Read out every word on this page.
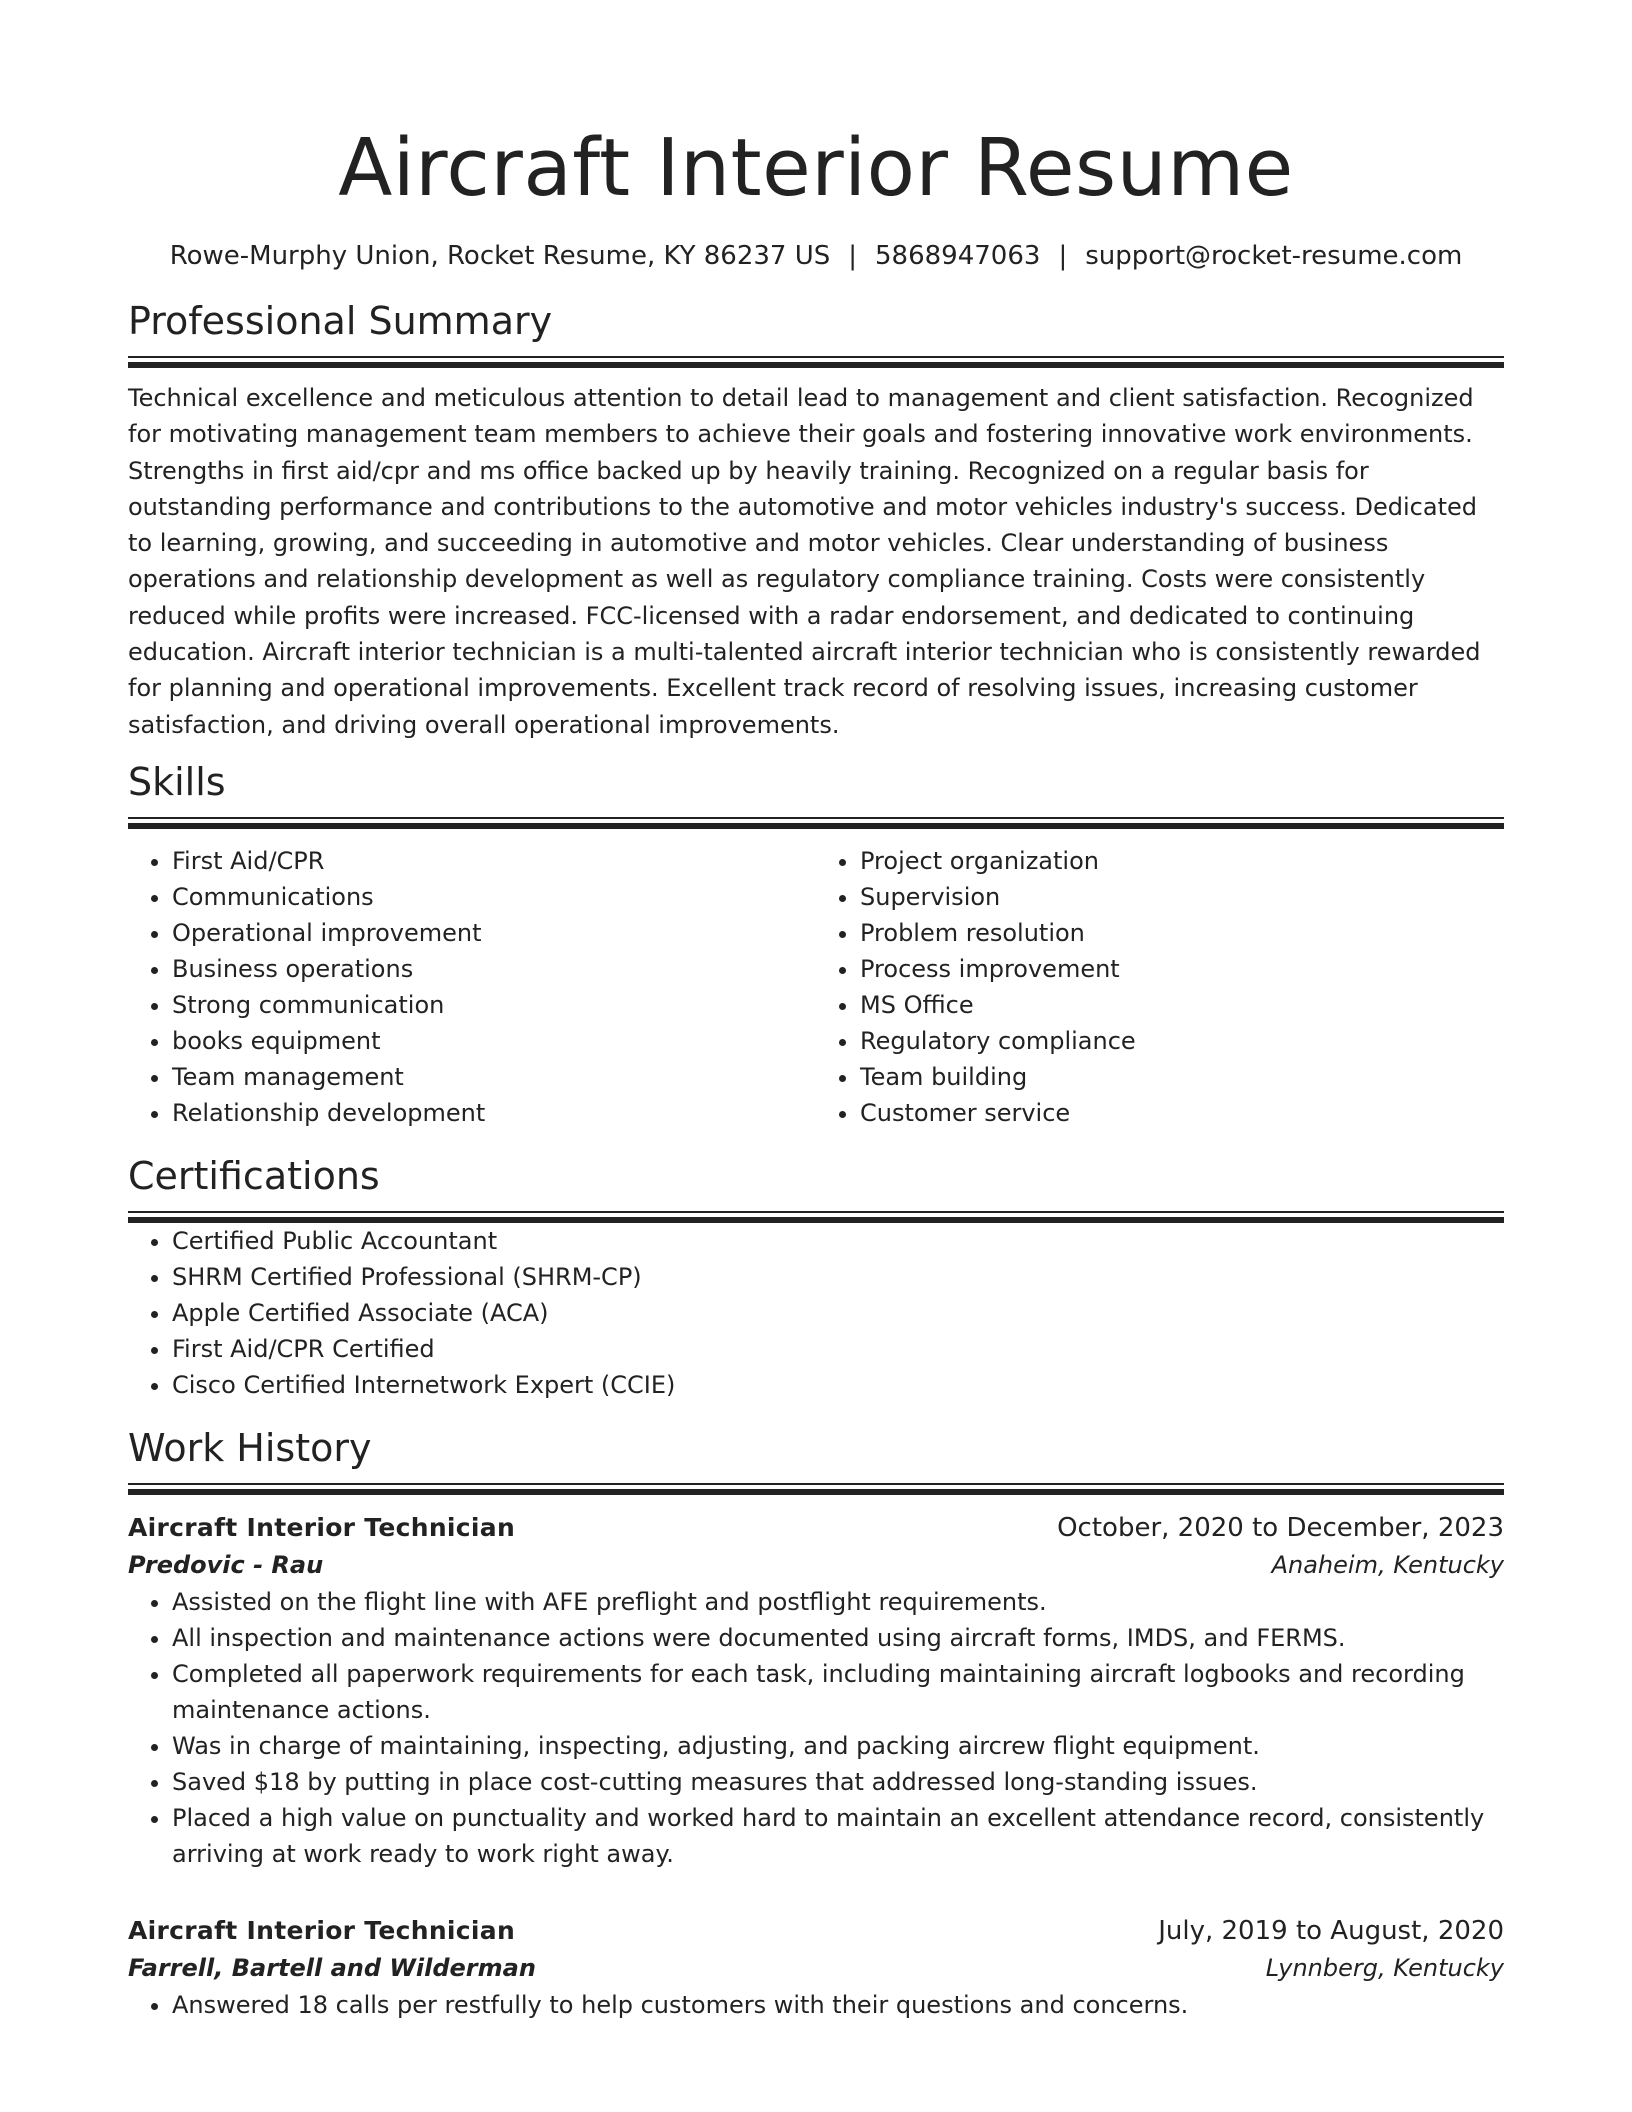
Aircraft Interior Resume
Rowe-Murphy Union, Rocket Resume, KY 86237 US | 5868947063 | support@rocket-resume.com
Professional Summary

Technical excellence and meticulous attention to detail lead to management and client satisfaction. Recognized for motivating management team members to achieve their goals and fostering innovative work environments. Strengths in first aid/cpr and ms office backed up by heavily training. Recognized on a regular basis for outstanding performance and contributions to the automotive and motor vehicles industry's success. Dedicated to learning, growing, and succeeding in automotive and motor vehicles. Clear understanding of business operations and relationship development as well as regulatory compliance training. Costs were consistently reduced while profits were increased. FCC-licensed with a radar endorsement, and dedicated to continuing education. Aircraft interior technician is a multi-talented aircraft interior technician who is consistently rewarded for planning and operational improvements. Excellent track record of resolving issues, increasing customer satisfaction, and driving overall operational improvements.

Skills
• First Aid/CPR
• Communications
• Operational improvement
• Business operations
• Strong communication
• books equipment
• Team management
• Relationship development
• Project organization
• Supervision
• Problem resolution
• Process improvement
• MS Office
• Regulatory compliance
• Team building
• Customer service
Certifications
• Certified Public Accountant
• SHRM Certified Professional (SHRM-CP)
• Apple Certified Associate (ACA)
• First Aid/CPR Certified
• Cisco Certified Internetwork Expert (CCIE)
Work History
Aircraft Interior Technician	October, 2020 to December, 2023
Predovic - Rau	Anaheim, Kentucky
• Assisted on the flight line with AFE preflight and postflight requirements.
• All inspection and maintenance actions were documented using aircraft forms, IMDS, and FERMS.
• Completed all paperwork requirements for each task, including maintaining aircraft logbooks and recording maintenance actions.
• Was in charge of maintaining, inspecting, adjusting, and packing aircrew flight equipment.
• Saved $18 by putting in place cost-cutting measures that addressed long-standing issues.
• Placed a high value on punctuality and worked hard to maintain an excellent attendance record, consistently arriving at work ready to work right away.
Aircraft Interior Technician	July, 2019 to August, 2020
Farrell, Bartell and Wilderman	Lynnberg, Kentucky
• Answered 18 calls per restfully to help customers with their questions and concerns.
